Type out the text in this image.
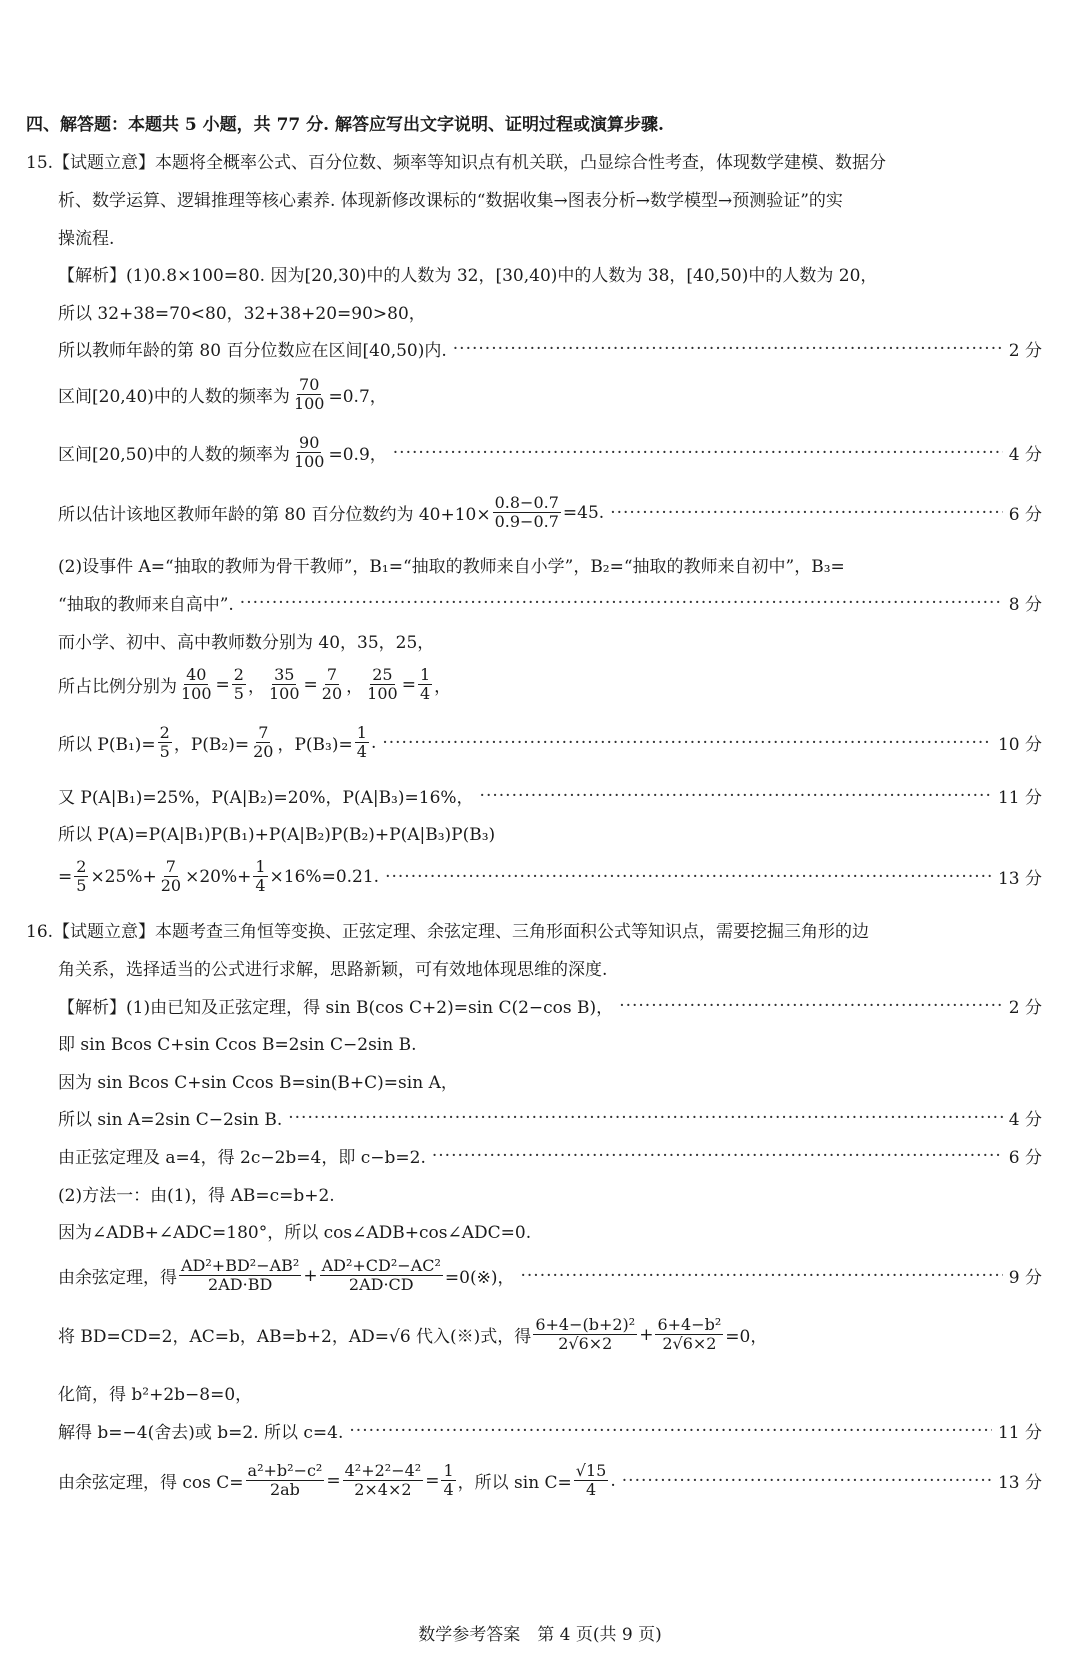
四、解答题：本题共 5 小题，共 77 分. 解答应写出文字说明、证明过程或演算步骤.
15.【试题立意】本题将全概率公式、百分位数、频率等知识点有机关联，凸显综合性考查，体现数学建模、数据分
析、数学运算、逻辑推理等核心素养. 体现新修改课标的“数据收集→图表分析→数学模型→预测验证”的实
操流程.
【解析】(1)0.8×100=80. 因为[20,30)中的人数为 32，[30,40)中的人数为 38，[40,50)中的人数为 20，
所以 32+38=70<80，32+38+20=90>80，
所以教师年龄的第 80 百分位数应在区间[40,50)内. ·····	2 分
区间[20,40)中的人数的频率为 $\frac{70}{100} =0.7$，
区间[20,50)中的人数的频率为 $\frac{90}{100} =0.9$， ·····	4 分
所以估计该地区教师年龄的第 80 百分位数约为 $40+10\times \frac{0.8-0.7}{0.9-0.7} =45$. ·····	6 分
(2)设事件 A=“抽取的教师为骨干教师”，B₁=“抽取的教师来自小学”，B₂=“抽取的教师来自初中”，B₃=
“抽取的教师来自高中”. ·····	8 分
而小学、初中、高中教师数分别为 40，35，25，
所占比例分别为 $\frac{40}{100} = \frac{2}{5}$ ， $\frac{35}{100} = \frac{7}{20}$ ， $\frac{25}{100} = \frac{1}{4}$ ，
所以 $P(B_1)= \frac{2}{5}$ ，$P(B_2)= \frac{7}{20}$ ，$P(B_3)= \frac{1}{4}$ . ·····	10 分
又 P(A|B₁)=25%，P(A|B₂)=20%，P(A|B₃)=16%， ·····	11 分
所以 P(A)=P(A|B₁)P(B₁)+P(A|B₂)P(B₂)+P(A|B₃)P(B₃)
= $\frac{2}{5} \times 25\%+ \frac{7}{20} \times 20\%+ \frac{1}{4} \times 16\%=0.21$. ·····	13 分
16.【试题立意】本题考查三角恒等变换、正弦定理、余弦定理、三角形面积公式等知识点，需要挖掘三角形的边
角关系，选择适当的公式进行求解，思路新颖，可有效地体现思维的深度.
【解析】(1)由已知及正弦定理，得 sin B(cos C+2)=sin C(2−cos B)， ·····	2 分
即 sin Bcos C+sin Ccos B=2sin C−2sin B.
因为 sin Bcos C+sin Ccos B=sin(B+C)=sin A，
所以 sin A=2sin C−2sin B. ·····	4 分
由正弦定理及 a=4，得 2c−2b=4，即 c−b=2. ·····	6 分
(2)方法一：由(1)，得 AB=c=b+2.
因为∠ADB+∠ADC=180°，所以 cos∠ADB+cos∠ADC=0.
由余弦定理，得 $\frac{\text{AD²+BD²−AB²}}{2AD\cdot BD} + \frac{\text{AD²+CD²−AC²}}{2AD\cdot CD}$ =0(※)， ·····	9 分
将 BD=CD=2，AC=b，AB=b+2，AD=√6 代入(※)式，得 $\frac{\text{6+4−(b+2)²}}{2√6\times 2} + \frac{\text{6+4−b²}}{2√6\times 2} =0$，
化简，得 b²+2b−8=0，
解得 b=−4(舍去)或 b=2. 所以 c=4. ·····	11 分
由余弦定理，得 $\cos C= \frac{\text{a²+b²−c²}}{2ab} = \frac{\text{4²+2²−4²}}{2\times 4\times 2} = \frac{1}{4}$ ，所以 $\sin C= \frac{√15}{4}$ . ·····	13 分
数学参考答案　第 4 页(共 9 页)
